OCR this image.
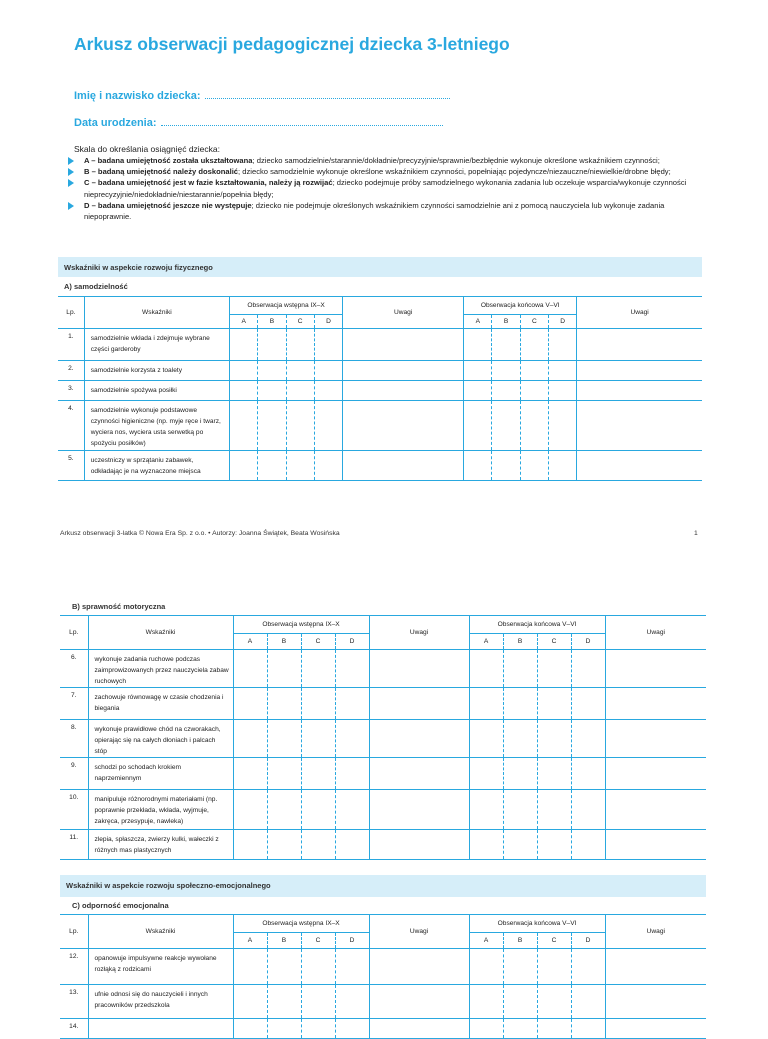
Arkusz obserwacji pedagogicznej dziecka 3-letniego
Imię i nazwisko dziecka:
Data urodzenia:
Skala do określania osiągnięć dziecka:
A – badana umiejętność została ukształtowana; dziecko samodzielnie/starannie/dokładnie/precyzyjnie/sprawnie/bezbłędnie wykonuje określone wskaźnikiem czynności;
B – badaną umiejętność należy doskonalić; dziecko samodzielnie wykonuje określone wskaźnikiem czynności, popełniając pojedyncze/niezauczne/niewielkie/drobne błędy;
C – badana umiejętność jest w fazie kształtowania, należy ją rozwijać; dziecko podejmuje próby samodzielnego wykonania zadania lub oczekuje wsparcia/wykonuje czynności nieprecyzyjnie/niedokładnie/niestarannie/popełnia błędy;
D – badana umiejętność jeszcze nie występuje; dziecko nie podejmuje określonych wskaźnikiem czynności samodzielnie ani z pomocą nauczyciela lub wykonuje zadania niepoprawnie.
Wskaźniki w aspekcie rozwoju fizycznego
A) samodzielność
Lp.	Wskaźniki	Obserwacja wstępna IX–X				Uwagi	Obserwacja końcowa V–VI				Uwagi
		A	B	C	D		A	B	C	D	
1.	samodzielnie wkłada i zdejmuje wybrane części garderoby										
2.	samodzielnie korzysta z toalety										
3.	samodzielnie spożywa posiłki										
4.	samodzielnie wykonuje podstawowe czynności higieniczne (np. myje ręce i twarz, wyciera nos, wyciera usta serwetką po spożyciu posiłków)										
5.	uczestniczy w sprzątaniu zabawek, odkładając je na wyznaczone miejsca										
Arkusz obserwacji 3-latka © Nowa Era Sp. z o.o. • Autorzy: Joanna Świątek, Beata Wosińska	1
B) sprawność motoryczna
Lp.	Wskaźniki	Obserwacja wstępna IX–X				Uwagi	Obserwacja końcowa V–VI				Uwagi
		A	B	C	D		A	B	C	D	
6.	wykonuje zadania ruchowe podczas zaimprowizowanych przez nauczyciela zabaw ruchowych										
7.	zachowuje równowagę w czasie chodzenia i biegania										
8.	wykonuje prawidłowe chód na czworakach, opierając się na całych dłoniach i palcach stóp										
9.	schodzi po schodach krokiem naprzemiennym										
10.	manipuluje różnorodnymi materiałami (np. poprawnie przekłada, wkłada, wyjmuje, zakręca, przesypuje, nawleka)										
11.	zlepia, spłaszcza, zwierzy kulki, wałeczki z różnych mas plastycznych										
Wskaźniki w aspekcie rozwoju społeczno-emocjonalnego
C) odporność emocjonalna
Lp.	Wskaźniki	Obserwacja wstępna IX–X				Uwagi	Obserwacja końcowa V–VI				Uwagi
		A	B	C	D		A	B	C	D	
12.	opanowuje impulsywne reakcje wywołane rozłąką z rodzicami										
13.	ufnie odnosi się do nauczycieli i innych pracowników przedszkola										
14.											
